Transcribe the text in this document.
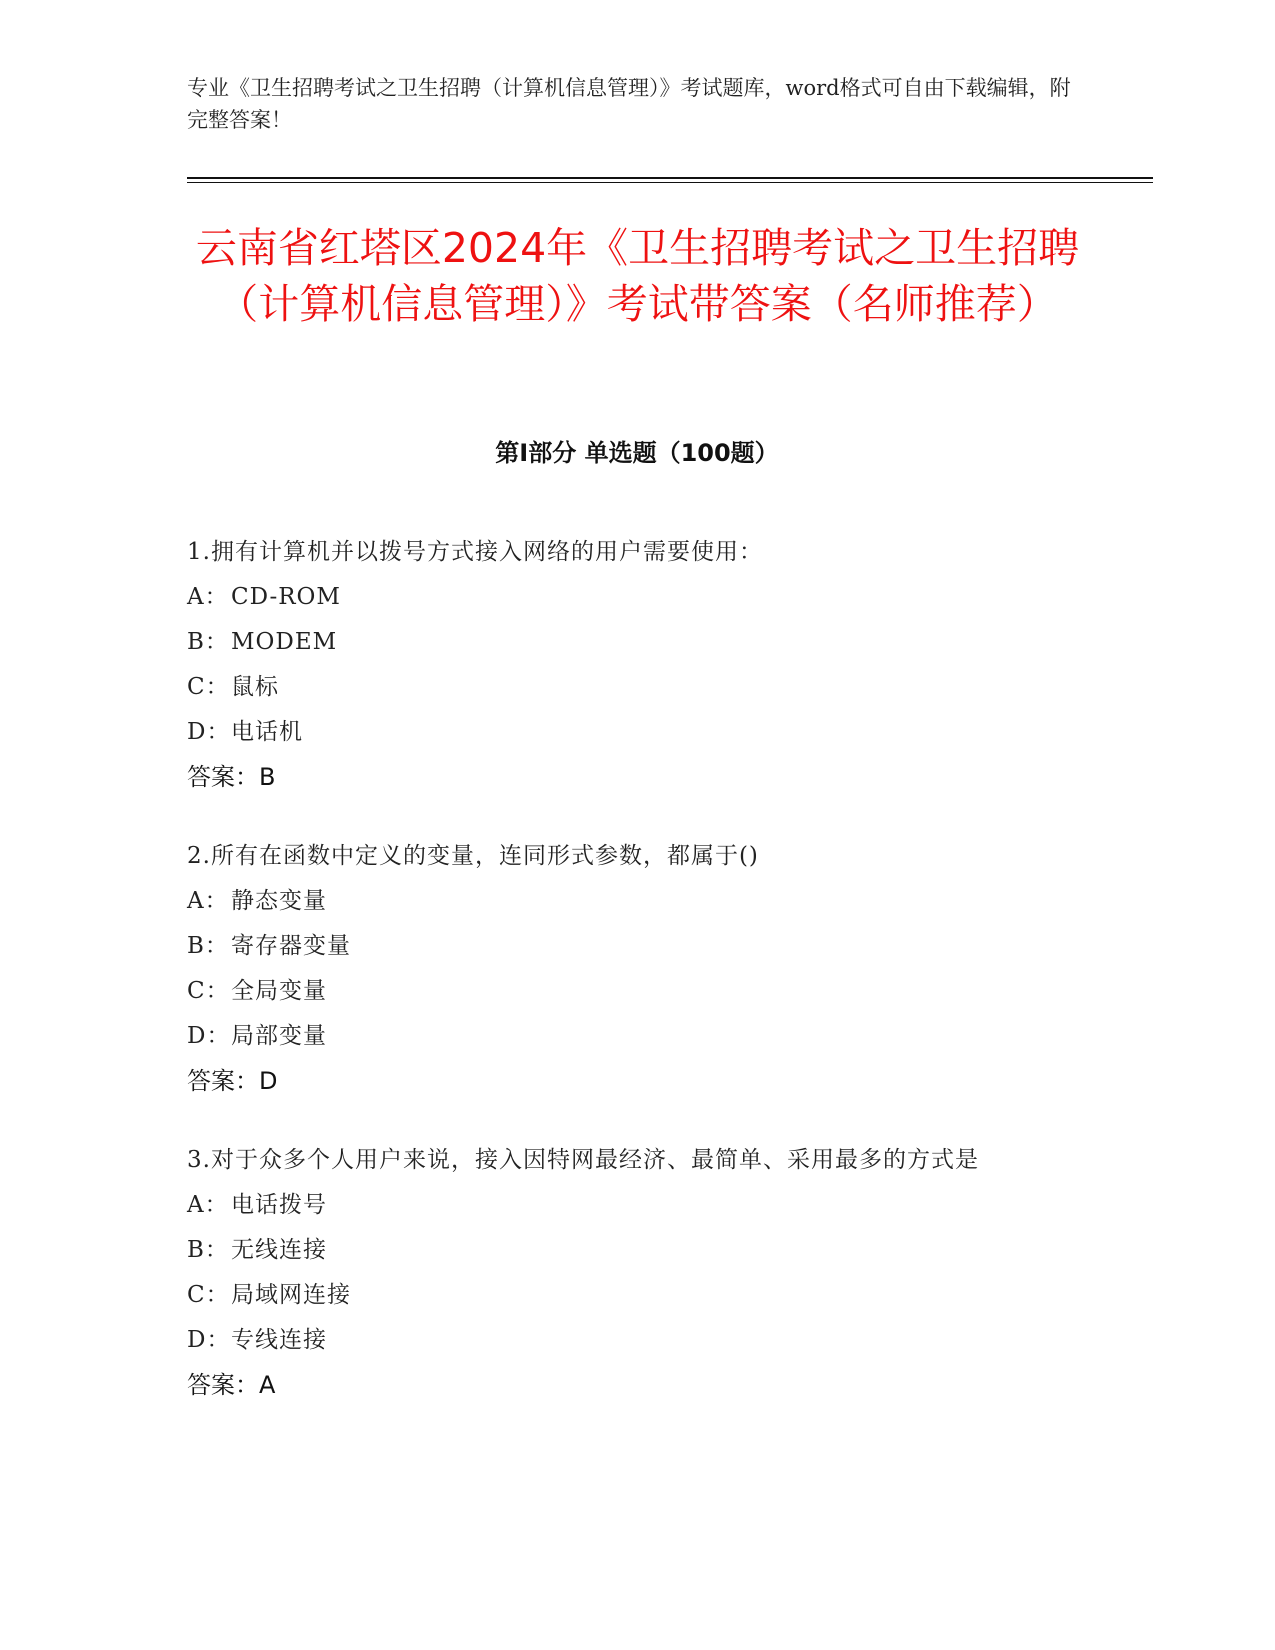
专业《卫生招聘考试之卫生招聘（计算机信息管理）》考试题库，word格式可自由下载编辑，附完整答案！
云南省红塔区2024年《卫生招聘考试之卫生招聘（计算机信息管理）》考试带答案（名师推荐）
第Ⅰ部分 单选题（100题）
1.拥有计算机并以拨号方式接入网络的用户需要使用：
A： CD-ROM
B：MODEM
C：鼠标
D：电话机
答案：B
2.所有在函数中定义的变量，连同形式参数，都属于()
A： 静态变量
B：寄存器变量
C：全局变量
D：局部变量
答案：D
3.对于众多个人用户来说，接入因特网最经济、最简单、采用最多的方式是
A： 电话拨号
B：无线连接
C：局域网连接
D：专线连接
答案：A
